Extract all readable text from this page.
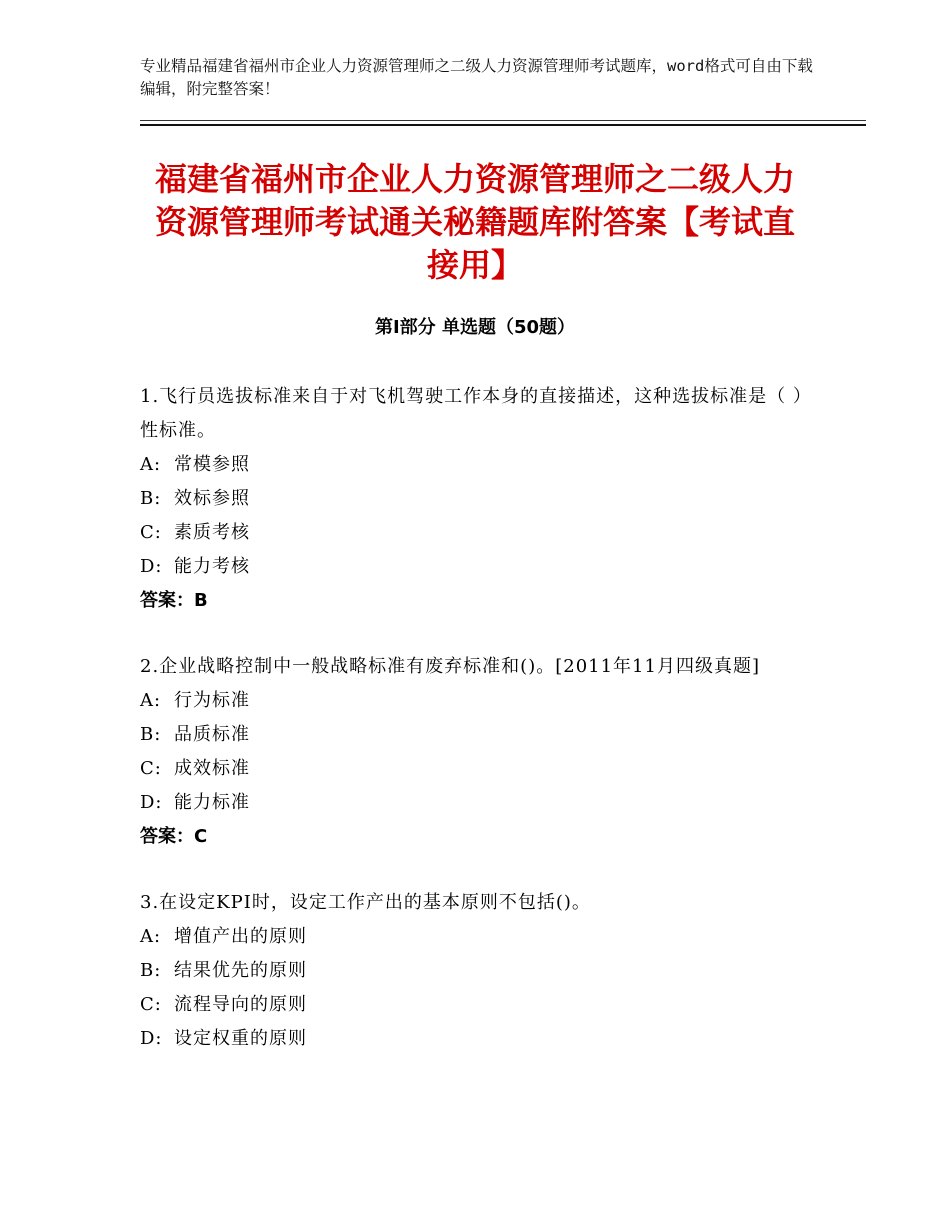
专业精品福建省福州市企业人力资源管理师之二级人力资源管理师考试题库，word格式可自由下载编辑，附完整答案！
福建省福州市企业人力资源管理师之二级人力资源管理师考试通关秘籍题库附答案【考试直接用】
第Ⅰ部分 单选题（50题）
1.飞行员选拔标准来自于对飞机驾驶工作本身的直接描述，这种选拔标准是（ ）性标准。
A: 常模参照
B: 效标参照
C: 素质考核
D: 能力考核
答案：B
2.企业战略控制中一般战略标准有废弃标准和()。[2011年11月四级真题]
A: 行为标准
B: 品质标准
C: 成效标准
D: 能力标准
答案：C
3.在设定KPI时，设定工作产出的基本原则不包括()。
A: 增值产出的原则
B: 结果优先的原则
C: 流程导向的原则
D: 设定权重的原则
